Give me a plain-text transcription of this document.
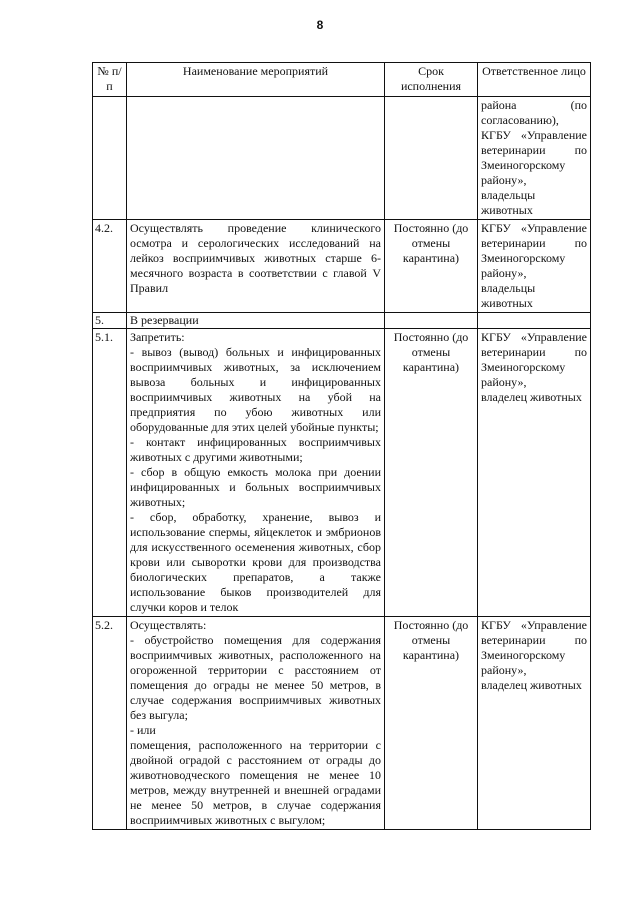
8
№ п/п	Наименование мероприятий	Срок исполнения	Ответственное лицо

			района (по согласованию),
КГБУ «Управление ветеринарии по Змеиногорскому району»,
владельцы животных

4.2.	Осуществлять проведение клинического осмотра и серологических исследований на лейкоз восприимчивых животных старше 6-месячного возраста в соответствии с главой V Правил	Постоянно (до отмены карантина)	КГБУ «Управление ветеринарии по Змеиногорскому району»,
владельцы животных

5.	В резервации		

5.1.	Запретить:
- вывоз (вывод) больных и инфицированных восприимчивых животных, за исключением вывоза больных и инфицированных восприимчивых животных на убой на предприятия по убою животных или оборудованные для этих целей убойные пункты;
- контакт инфицированных восприимчивых животных с другими животными;
- сбор в общую емкость молока при доении инфицированных и больных восприимчивых животных;
- сбор, обработку, хранение, вывоз и использование спермы, яйцеклеток и эмбрионов для искусственного осеменения животных, сбор крови или сыворотки крови для производства биологических препаратов, а также использование быков производителей для случки коров и телок	Постоянно (до отмены карантина)	КГБУ «Управление ветеринарии по Змеиногорскому району»,
владелец животных

5.2.	Осуществлять:
- обустройство помещения для содержания восприимчивых животных, расположенного на огороженной территории с расстоянием от помещения до ограды не менее 50 метров, в случае содержания восприимчивых животных без выгула;
- или
помещения, расположенного на территории с двойной оградой с расстоянием от ограды до животноводческого помещения не менее 10 метров, между внутренней и внешней оградами не менее 50 метров, в случае содержания восприимчивых животных с выгулом;	Постоянно (до отмены карантина)	КГБУ «Управление ветеринарии по Змеиногорскому району»,
владелец животных
